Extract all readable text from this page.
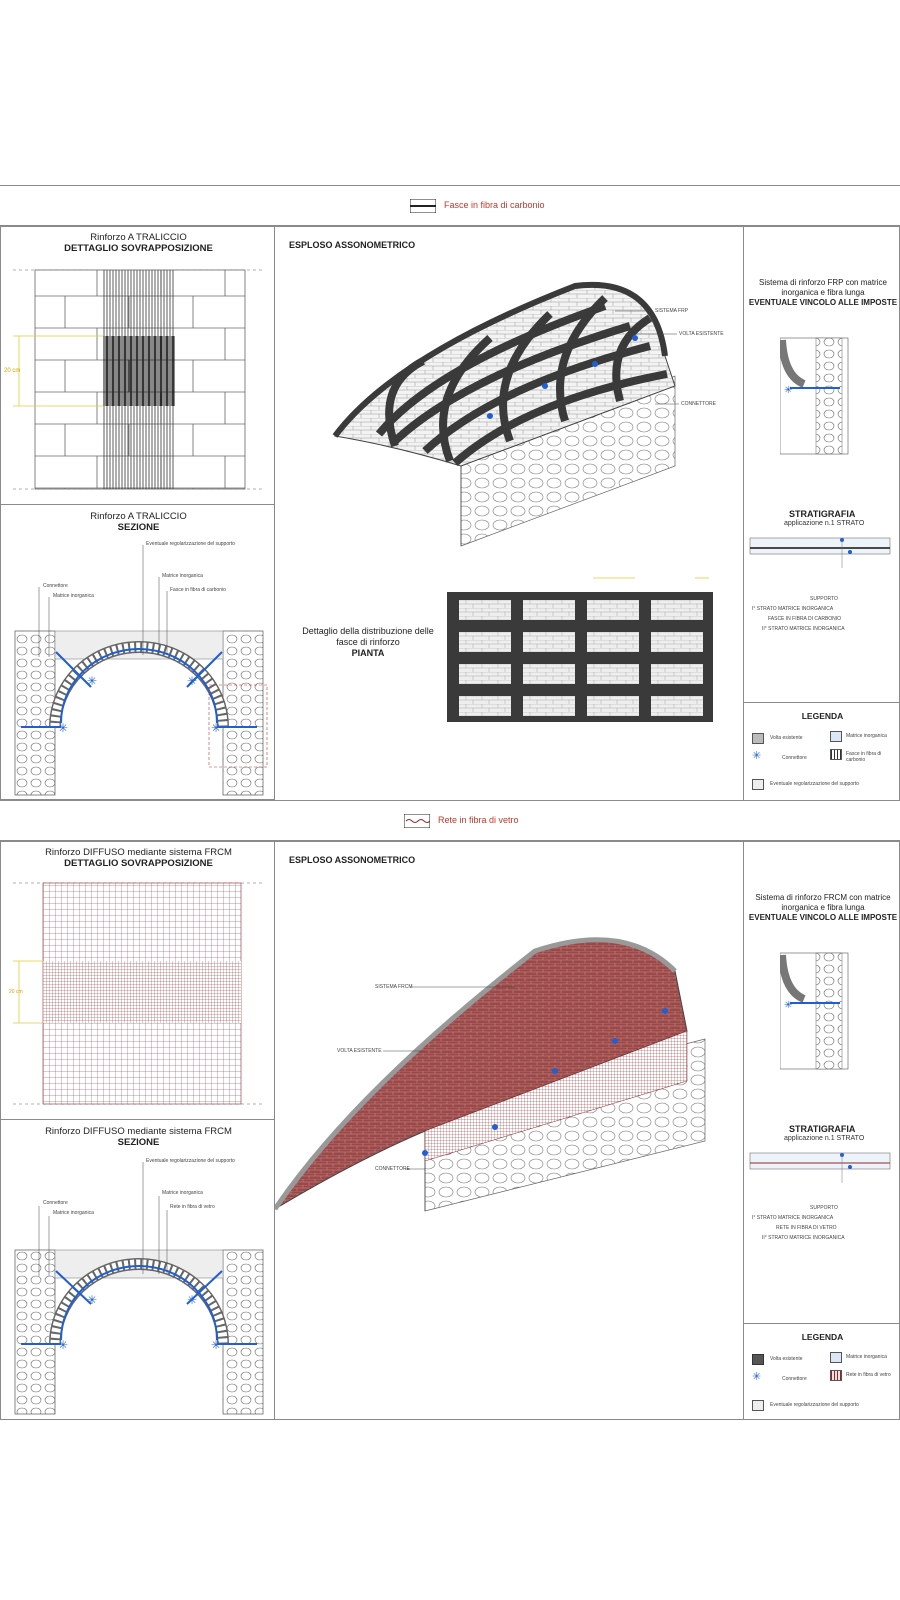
Fasce in fibra di carbonio
Rinforzo A TRALICCIO
DETTAGLIO SOVRAPPOSIZIONE
20 cm
Rinforzo A TRALICCIO
SEZIONE
✳	✳
✳	✳
Eventuale regolarizzazione del supporto
Matrice inorganica
Fasce in fibra di carbonio
Connettore
Matrice inorganica
ESPLOSO ASSONOMETRICO
SISTEMA FRP
VOLTA ESISTENTE
CONNETTORE
Dettaglio della distribuzione delle fasce di rinforzo
PIANTA
Sistema di rinforzo FRP con matrice inorganica e fibra lunga
EVENTUALE VINCOLO ALLE IMPOSTE
✳
STRATIGRAFIA
applicazione n.1 STRATO
SUPPORTO
I° STRATO MATRICE INORGANICA
FASCE IN FIBRA DI CARBONIO
II° STRATO MATRICE INORGANICA
LEGENDA
Volta esistente	Matrice inorganica
✳	Connettore
Fasce in fibra di carbonio
Eventuale regolarizzazione del supporto
Rete in fibra di vetro
Rinforzo DIFFUSO mediante sistema FRCM
DETTAGLIO SOVRAPPOSIZIONE
20 cm
Rinforzo DIFFUSO mediante sistema FRCM
SEZIONE
✳	✳
✳	✳
Eventuale regolarizzazione del supporto
Matrice inorganica
Rete in fibra di vetro
Connettore
Matrice inorganica
ESPLOSO ASSONOMETRICO
SISTEMA FRCM
VOLTA ESISTENTE
CONNETTORE
Sistema di rinforzo FRCM con matrice inorganica e fibra lunga
EVENTUALE VINCOLO ALLE IMPOSTE
✳
STRATIGRAFIA
applicazione n.1 STRATO
SUPPORTO
I° STRATO MATRICE INORGANICA
RETE IN FIBRA DI VETRO
II° STRATO MATRICE INORGANICA
LEGENDA
Volta esistente	Matrice inorganica
✳	Connettore
Rete in fibra di vetro
Eventuale regolarizzazione del supporto
